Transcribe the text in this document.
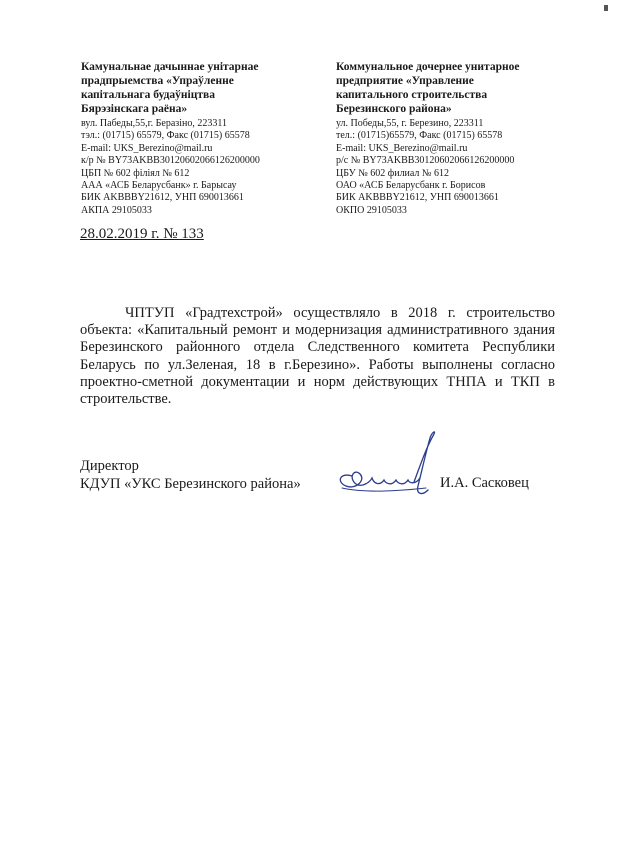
Камунальнае дачыннае унітарнае
прадпрыемства «Упраўленне
капітальнага будаўніцтва
Бярэзінскага раёна»
вул. Пабеды,55,г. Беразіно, 223311
тэл.: (01715) 65579, Факс (01715) 65578
E-mail: UKS_Berezino@mail.ru
к/р № BY73AKBB30120602066126200000
ЦБП № 602 філіял № 612
ААА «АСБ Беларусбанк» г. Барысау
БИК AKBBBY21612, УНП 690013661
АКПА 29105033
Коммунальное дочернее унитарное
предприятие «Управление
капитального строительства
Березинского района»
ул. Победы,55, г. Березино, 223311
тел.: (01715)65579, Факс (01715) 65578
E-mail: UKS_Berezino@mail.ru
р/с № BY73AKBB30120602066126200000
ЦБУ № 602 филиал № 612
ОАО «АСБ Беларусбанк г. Борисов
БИК AKBBBY21612, УНП 690013661
ОКПО 29105033
28.02.2019 г. № 133

ЧПТУП «Градтехстрой» осуществляло в 2018 г. строительство объекта: «Капитальный ремонт и модернизация административного здания Березинского районного отдела Следственного комитета Республики Беларусь по ул.Зеленая, 18 в г.Березино». Работы выполнены согласно проектно-сметной документации и норм действующих ТНПА и ТКП в строительстве.

Директор
КДУП «УКС Березинского района»	И.А. Сасковец
